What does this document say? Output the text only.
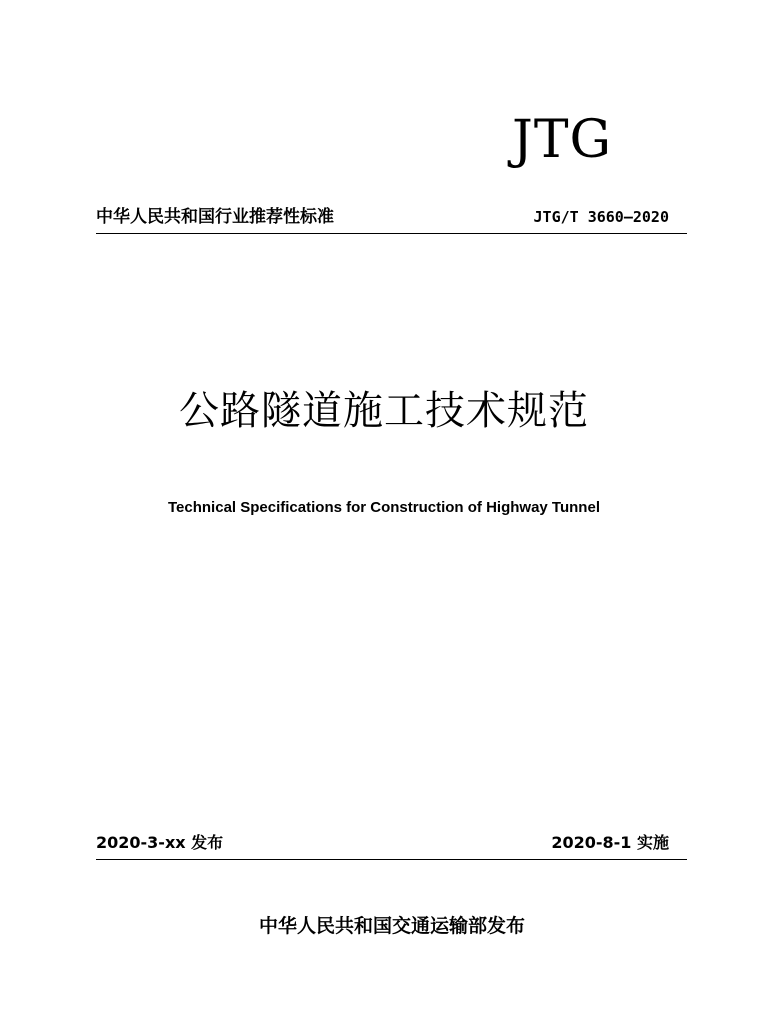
JTG
中华人民共和国行业推荐性标准	JTG/T 3660—2020
公路隧道施工技术规范
Technical Specifications for Construction of Highway Tunnel
2020-3-xx 发布	2020-8-1 实施
中华人民共和国交通运输部发布
